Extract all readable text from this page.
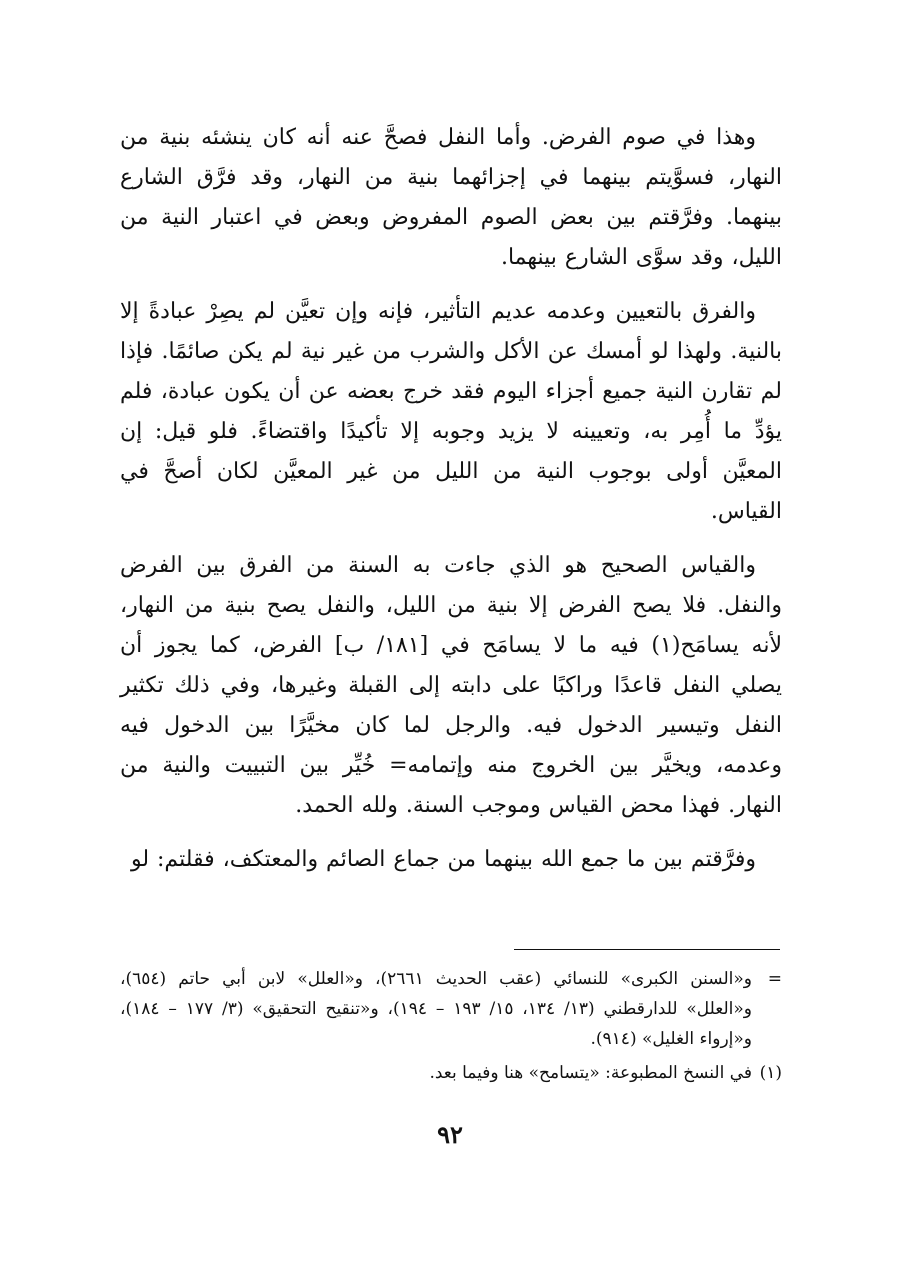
وهذا في صوم الفرض. وأما النفل فصحَّ عنه أنه كان ينشئه بنية من النهار، فسوَّيتم بينهما في إجزائهما بنية من النهار، وقد فرَّق الشارع بينهما. وفرَّقتم بين بعض الصوم المفروض وبعض في اعتبار النية من الليل، وقد سوَّى الشارع بينهما.

والفرق بالتعيين وعدمه عديم التأثير، فإنه وإن تعيَّن لم يصِرْ عبادةً إلا بالنية. ولهذا لو أمسك عن الأكل والشرب من غير نية لم يكن صائمًا. فإذا لم تقارن النية جميع أجزاء اليوم فقد خرج بعضه عن أن يكون عبادة، فلم يؤدِّ ما أُمِر به، وتعيينه لا يزيد وجوبه إلا تأكيدًا واقتضاءً. فلو قيل: إن المعيَّن أولى بوجوب النية من الليل من غير المعيَّن لكان أصحَّ في القياس.

والقياس الصحيح هو الذي جاءت به السنة من الفرق بين الفرض والنفل. فلا يصح الفرض إلا بنية من الليل، والنفل يصح بنية من النهار، لأنه يسامَح(١) فيه ما لا يسامَح في [١٨١/ ب] الفرض، كما يجوز أن يصلي النفل قاعدًا وراكبًا على دابته إلى القبلة وغيرها، وفي ذلك تكثير النفل وتيسير الدخول فيه. والرجل لما كان مخيَّرًا بين الدخول فيه وعدمه، ويخيَّر بين الخروج منه وإتمامه= خُيِّر بين التبييت والنية من النهار. فهذا محض القياس وموجب السنة. ولله الحمد.

وفرَّقتم بين ما جمع الله بينهما من جماع الصائم والمعتكف، فقلتم: لو

=
و«السنن الكبرى» للنسائي (عقب الحديث ٢٦٦١)، و«العلل» لابن أبي حاتم (٦٥٤)، و«العلل» للدارقطني (١٣/ ١٣٤، ١٥/ ١٩٣ – ١٩٤)، و«تنقيح التحقيق» (٣/ ١٧٧ – ١٨٤)، و«إرواء الغليل» (٩١٤).
(١)
في النسخ المطبوعة: «يتسامح» هنا وفيما بعد.
٩٢
